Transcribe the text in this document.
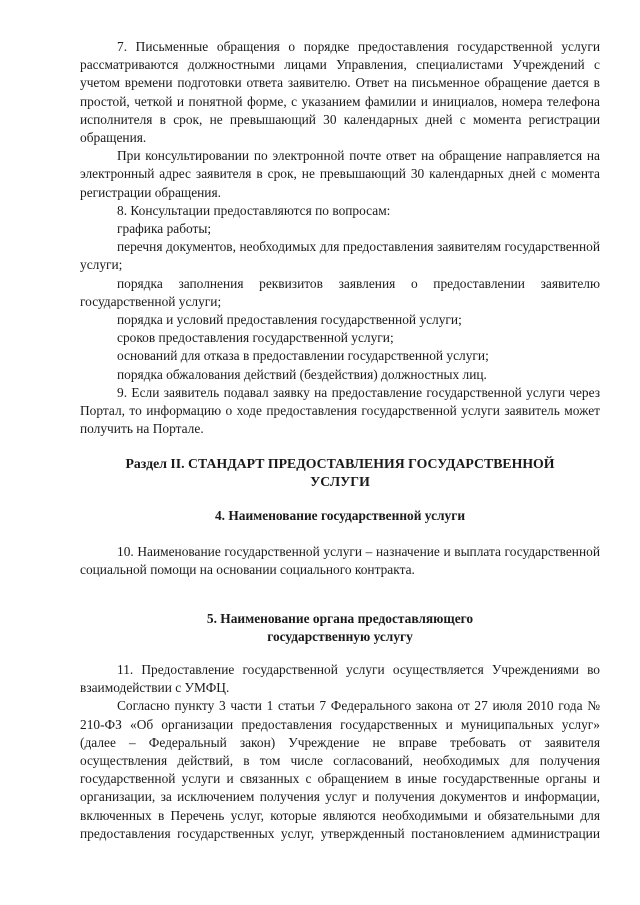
7. Письменные обращения о порядке предоставления государственной услуги рассматриваются должностными лицами Управления, специалистами Учреждений с учетом времени подготовки ответа заявителю. Ответ на письменное обращение дается в простой, четкой и понятной форме, с указанием фамилии и инициалов, номера телефона исполнителя в срок, не превышающий 30 календарных дней с момента регистрации обращения.

При консультировании по электронной почте ответ на обращение направляется на электронный адрес заявителя в срок, не превышающий 30 календарных дней с момента регистрации обращения.

8. Консультации предоставляются по вопросам:

графика работы;

перечня документов, необходимых для предоставления заявителям государственной услуги;

порядка заполнения реквизитов заявления о предоставлении заявителю государственной услуги;

порядка и условий предоставления государственной услуги;

сроков предоставления государственной услуги;

оснований для отказа в предоставлении государственной услуги;

порядка обжалования действий (бездействия) должностных лиц.

9. Если заявитель подавал заявку на предоставление государственной услуги через Портал, то информацию о ходе предоставления государственной услуги заявитель может получить на Портале.

Раздел II. СТАНДАРТ ПРЕДОСТАВЛЕНИЯ ГОСУДАРСТВЕННОЙ УСЛУГИ
4. Наименование государственной услуги

10. Наименование государственной услуги – назначение и выплата государственной социальной помощи на основании социального контракта.

5. Наименование органа предоставляющего
государственную услугу

11. Предоставление государственной услуги осуществляется Учреждениями во взаимодействии с УМФЦ.

Согласно пункту 3 части 1 статьи 7 Федерального закона от 27 июля 2010 года № 210-ФЗ «Об организации предоставления государственных и муниципальных услуг» (далее – Федеральный закон) Учреждение не вправе требовать от заявителя осуществления действий, в том числе согласований, необходимых для получения государственной услуги и связанных с обращением в иные государственные органы и организации, за исключением получения услуг и получения документов и информации, включенных в Перечень услуг, которые являются необходимыми и обязательными для предоставления государственных услуг, утвержденный постановлением администрации
